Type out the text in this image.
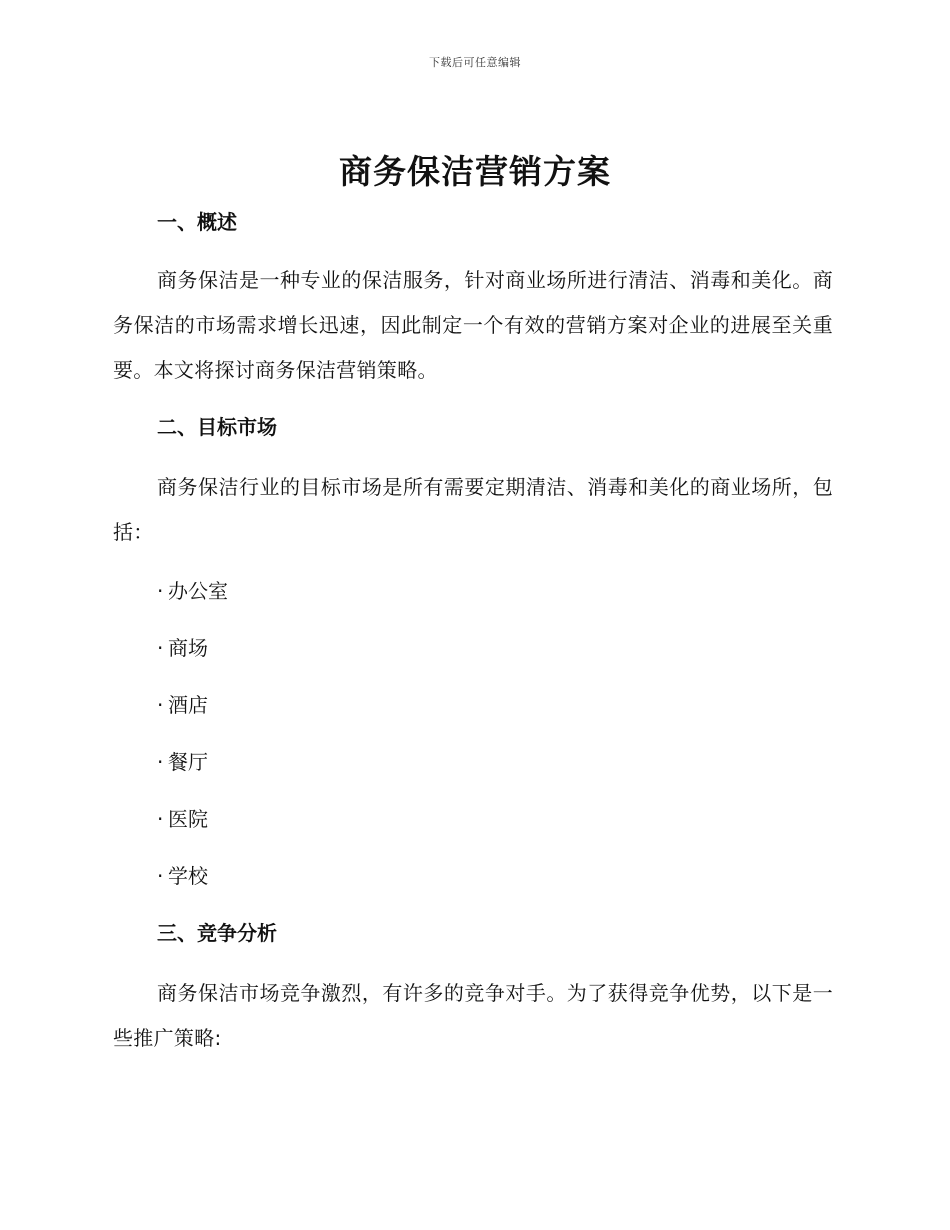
下载后可任意编辑
商务保洁营销方案
一、概述

商务保洁是一种专业的保洁服务，针对商业场所进行清洁、消毒和美化。商务保洁的市场需求增长迅速，因此制定一个有效的营销方案对企业的进展至关重要。本文将探讨商务保洁营销策略。

二、目标市场

商务保洁行业的目标市场是所有需要定期清洁、消毒和美化的商业场所，包括：

· 办公室
· 商场
· 酒店
· 餐厅
· 医院
· 学校
三、竞争分析

商务保洁市场竞争激烈，有许多的竞争对手。为了获得竞争优势，以下是一些推广策略:
